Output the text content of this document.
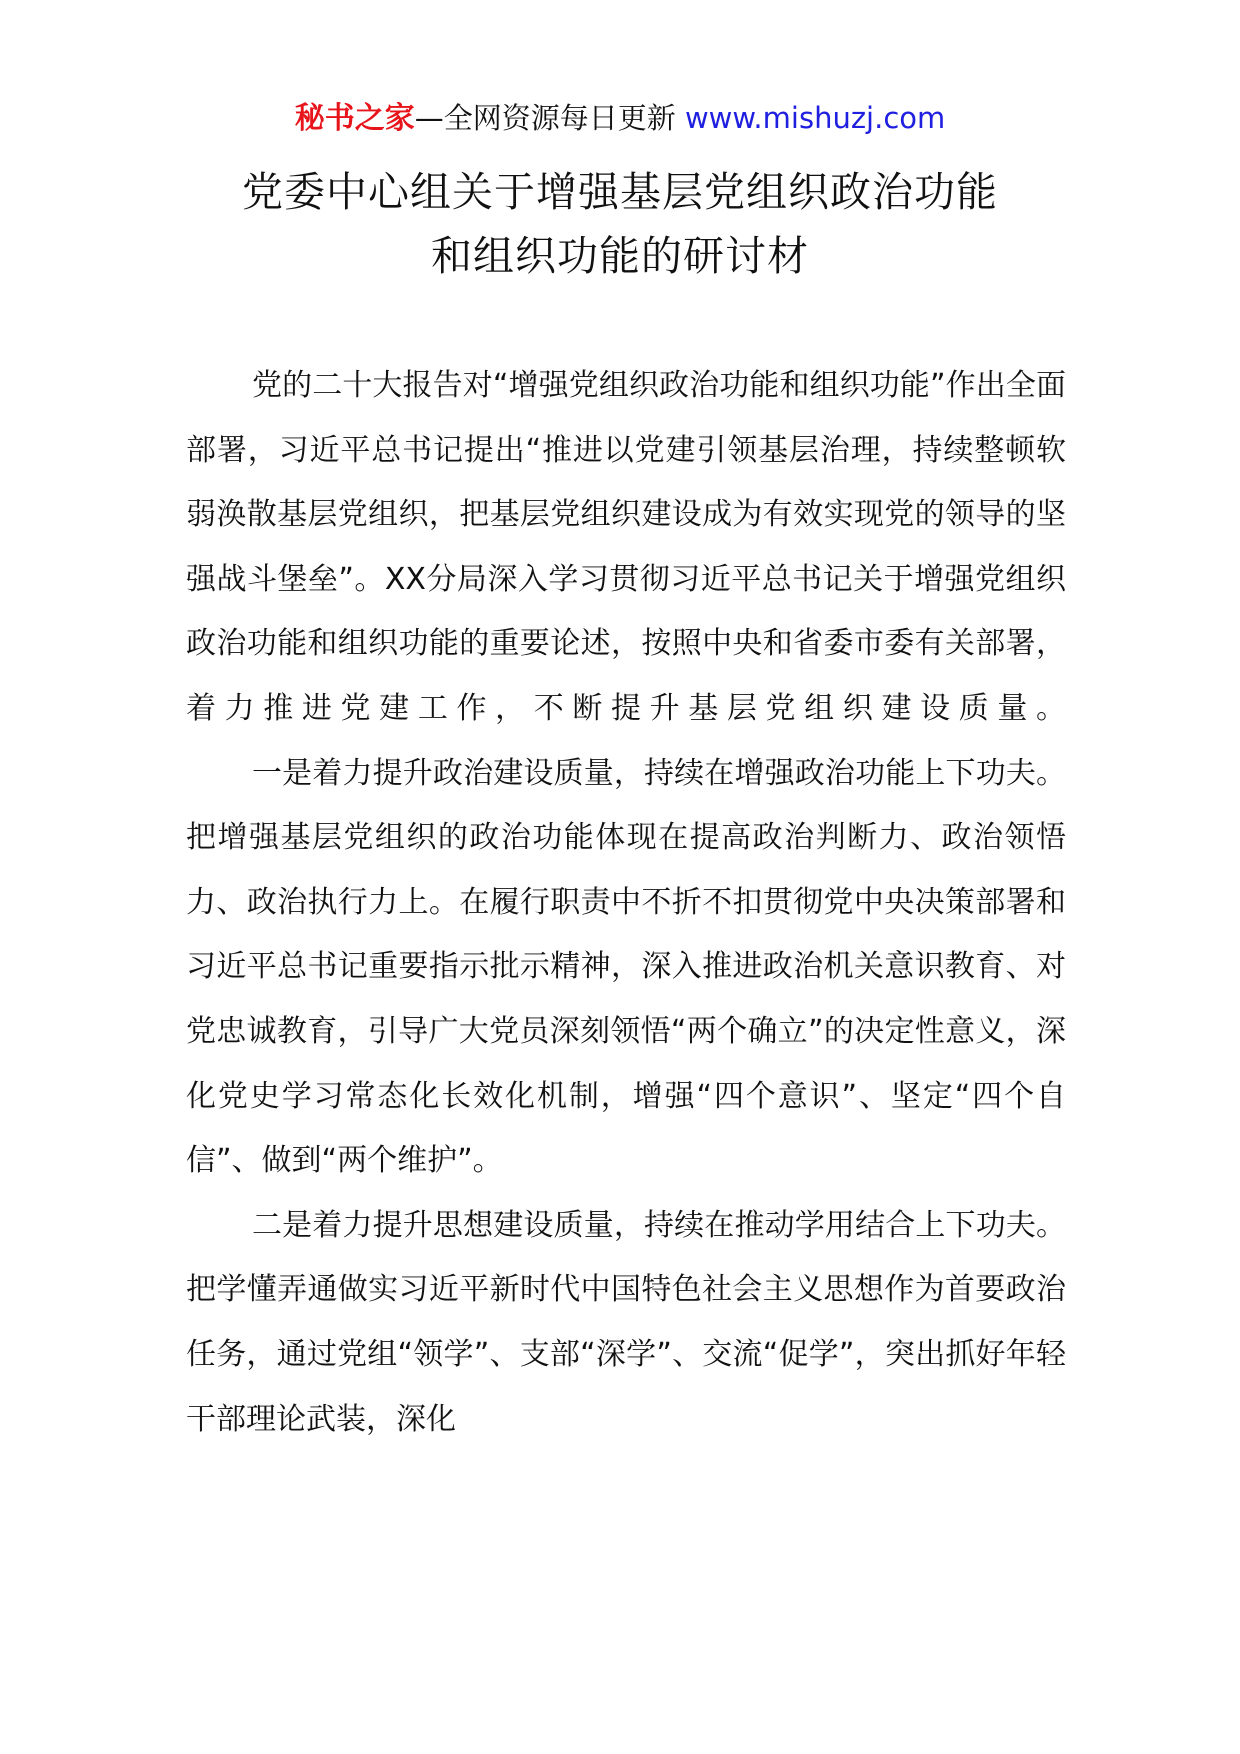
秘书之家—全网资源每日更新 www.mishuzj.com
党委中心组关于增强基层党组织政治功能
和组织功能的研讨材

党的二十大报告对“增强党组织政治功能和组织功能”作出全面部署，习近平总书记提出“推进以党建引领基层治理，持续整顿软弱涣散基层党组织，把基层党组织建设成为有效实现党的领导的坚强战斗堡垒”。XX分局深入学习贯彻习近平总书记关于增强党组织政治功能和组织功能的重要论述，按照中央和省委市委有关部署，着力推进党建工作，不断提升基层党组织建设质量。

一是着力提升政治建设质量，持续在增强政治功能上下功夫。把增强基层党组织的政治功能体现在提高政治判断力、政治领悟力、政治执行力上。在履行职责中不折不扣贯彻党中央决策部署和习近平总书记重要指示批示精神，深入推进政治机关意识教育、对党忠诚教育，引导广大党员深刻领悟“两个确立”的决定性意义，深化党史学习常态化长效化机制，增强“四个意识”、坚定“四个自信”、做到“两个维护”。

二是着力提升思想建设质量，持续在推动学用结合上下功夫。把学懂弄通做实习近平新时代中国特色社会主义思想作为首要政治任务，通过党组“领学”、支部“深学”、交流“促学”，突出抓好年轻干部理论武装，深化
